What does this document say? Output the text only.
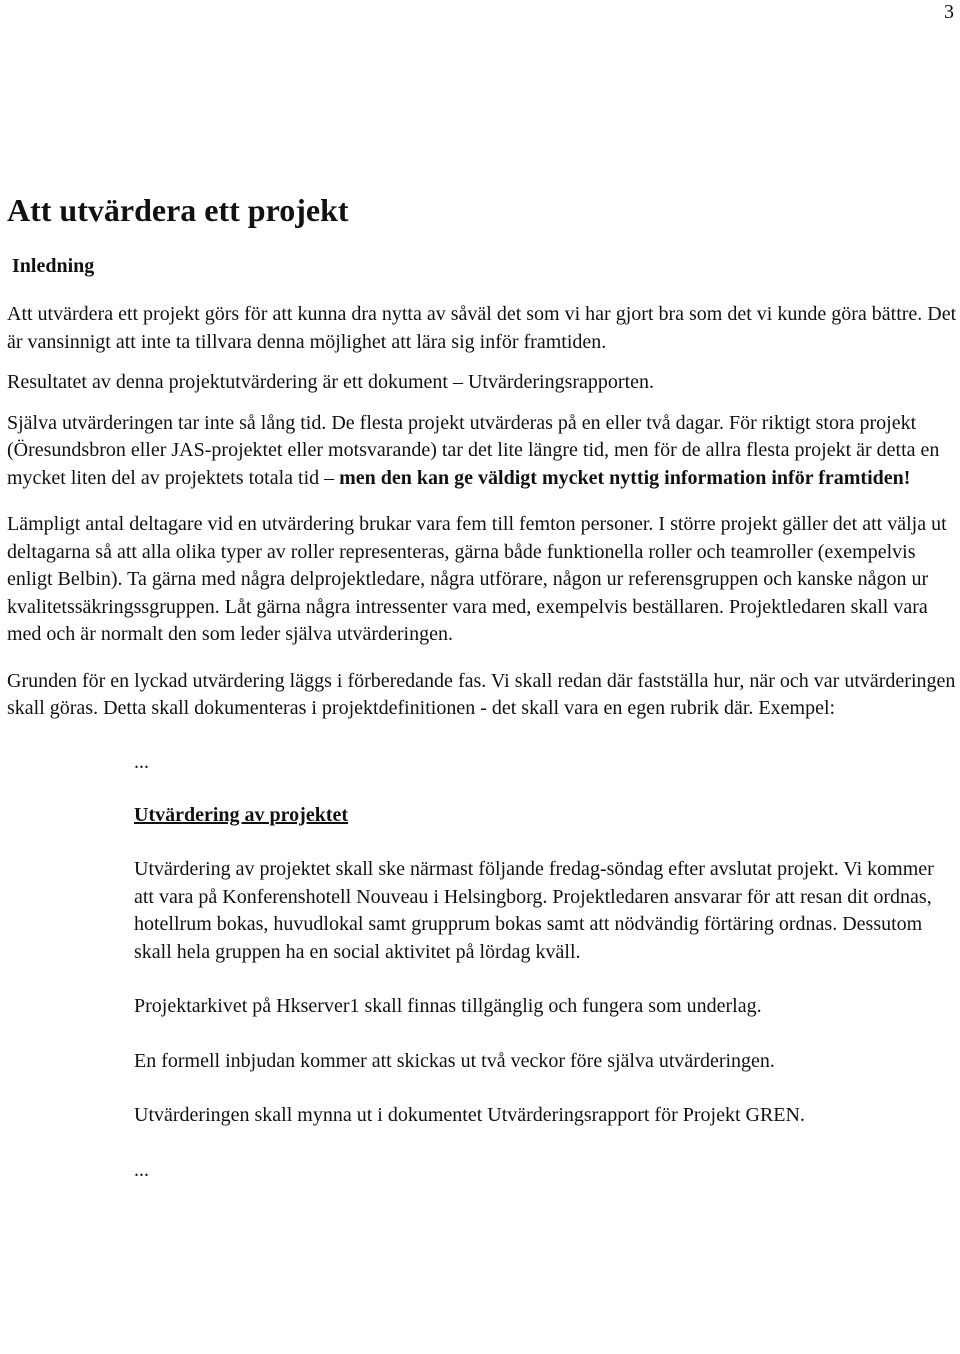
3
Att utvärdera ett projekt
Inledning

Att utvärdera ett projekt görs för att kunna dra nytta av såväl det som vi har gjort bra som det vi kunde göra bättre. Det är vansinnigt att inte ta tillvara denna möjlighet att lära sig inför framtiden.

Resultatet av denna projektutvärdering är ett dokument – Utvärderingsrapporten.

Själva utvärderingen tar inte så lång tid. De flesta projekt utvärderas på en eller två dagar. För riktigt stora projekt (Öresundsbron eller JAS-projektet eller motsvarande) tar det lite längre tid, men för de allra flesta projekt är detta en mycket liten del av projektets totala tid – men den kan ge väldigt mycket nyttig information inför framtiden!

Lämpligt antal deltagare vid en utvärdering brukar vara fem till femton personer. I större projekt gäller det att välja ut deltagarna så att alla olika typer av roller representeras, gärna både funktionella roller och teamroller (exempelvis enligt Belbin). Ta gärna med några delprojektledare, några utförare, någon ur referensgruppen och kanske någon ur kvalitetssäkringssgruppen. Låt gärna några intressenter vara med, exempelvis beställaren. Projektledaren skall vara med och är normalt den som leder själva utvärderingen.

Grunden för en lyckad utvärdering läggs i förberedande fas. Vi skall redan där fastställa hur, när och var utvärderingen skall göras. Detta skall dokumenteras i projektdefinitionen - det skall vara en egen rubrik där. Exempel:

...

Utvärdering av projektet

Utvärdering av projektet skall ske närmast följande fredag-söndag efter avslutat projekt. Vi kommer att vara på Konferenshotell Nouveau i Helsingborg. Projektledaren ansvarar för att resan dit ordnas, hotellrum bokas, huvudlokal samt grupprum bokas samt att nödvändig förtäring ordnas. Dessutom skall hela gruppen ha en social aktivitet på lördag kväll.

Projektarkivet på Hkserver1 skall finnas tillgänglig och fungera som underlag.

En formell inbjudan kommer att skickas ut två veckor före själva utvärderingen.

Utvärderingen skall mynna ut i dokumentet Utvärderingsrapport för Projekt GREN.

...
